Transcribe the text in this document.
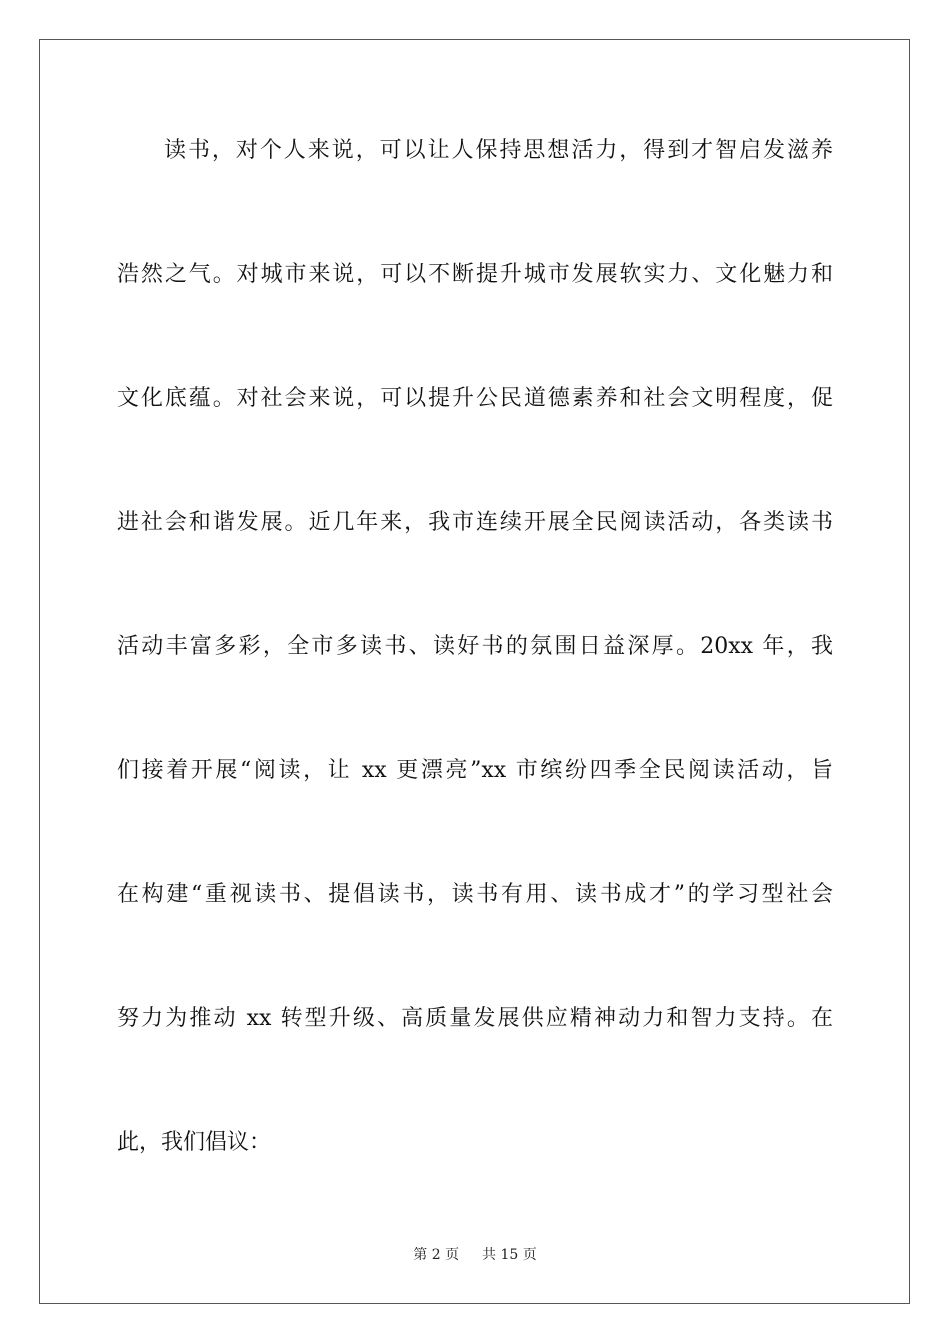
读书，对个人来说，可以让人保持思想活力，得到才智启发滋养
浩然之气。对城市来说，可以不断提升城市发展软实力、文化魅力和
文化底蕴。对社会来说，可以提升公民道德素养和社会文明程度，促
进社会和谐发展。近几年来，我市连续开展全民阅读活动，各类读书
活动丰富多彩，全市多读书、读好书的氛围日益深厚。20xx 年，我
们接着开展“阅读，让 xx 更漂亮”xx 市缤纷四季全民阅读活动，旨
在构建“重视读书、提倡读书，读书有用、读书成才”的学习型社会
努力为推动 xx 转型升级、高质量发展供应精神动力和智力支持。在
此，我们倡议：
第 2 页 共 15 页
